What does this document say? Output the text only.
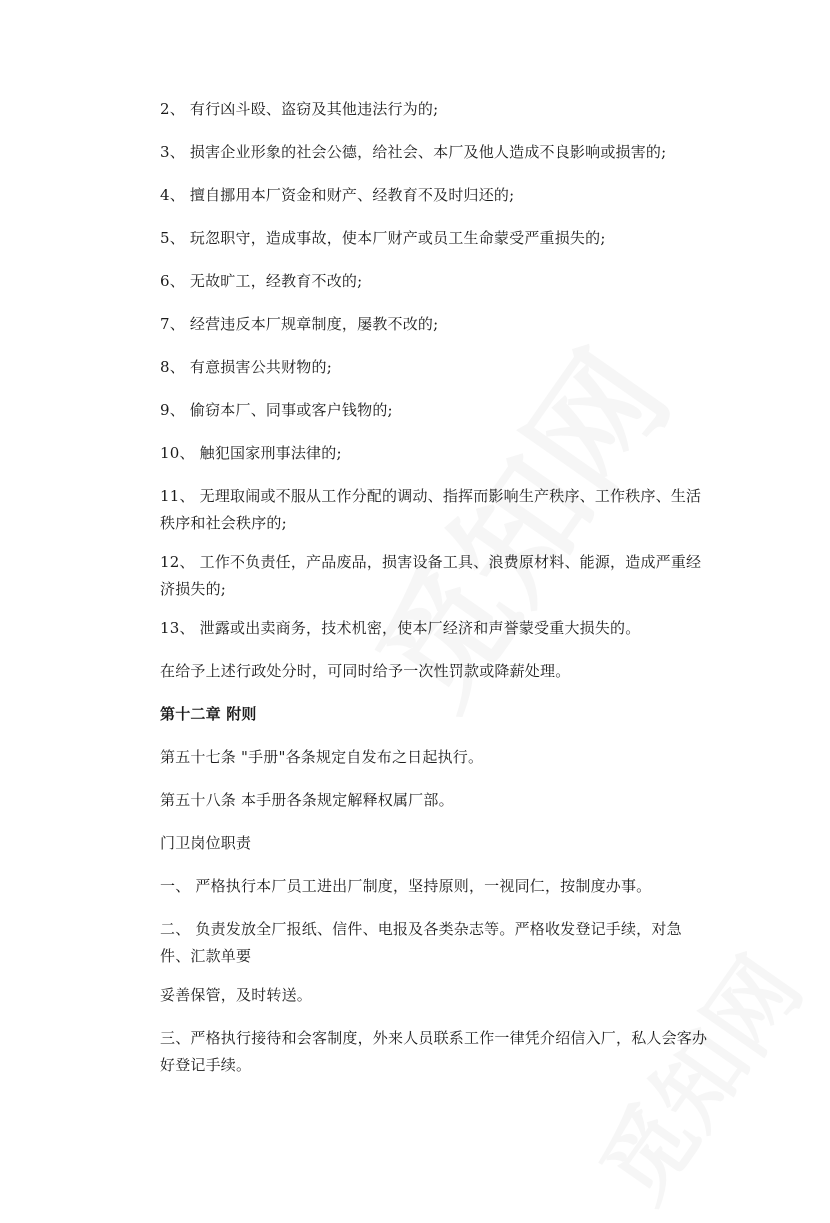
2、 有行凶斗殴、盗窃及其他违法行为的;

3、 损害企业形象的社会公德，给社会、本厂及他人造成不良影响或损害的;

4、 擅自挪用本厂资金和财产、经教育不及时归还的;

5、 玩忽职守，造成事故，使本厂财产或员工生命蒙受严重损失的;

6、 无故旷工，经教育不改的;

7、 经营违反本厂规章制度，屡教不改的;

8、 有意损害公共财物的;

9、 偷窃本厂、同事或客户钱物的;

10、 触犯国家刑事法律的;

11、 无理取闹或不服从工作分配的调动、指挥而影响生产秩序、工作秩序、生活秩序和社会秩序的;

12、 工作不负责任，产品废品，损害设备工具、浪费原材料、能源，造成严重经济损失的;

13、 泄露或出卖商务，技术机密，使本厂经济和声誉蒙受重大损失的。

在给予上述行政处分时，可同时给予一次性罚款或降薪处理。

第十二章 附则

第五十七条 "手册"各条规定自发布之日起执行。

第五十八条 本手册各条规定解释权属厂部。

门卫岗位职责

一、 严格执行本厂员工进出厂制度，坚持原则，一视同仁，按制度办事。

二、 负责发放全厂报纸、信件、电报及各类杂志等。严格收发登记手续，对急件、汇款单要

妥善保管，及时转送。

三、严格执行接待和会客制度，外来人员联系工作一律凭介绍信入厂，私人会客办好登记手续。
